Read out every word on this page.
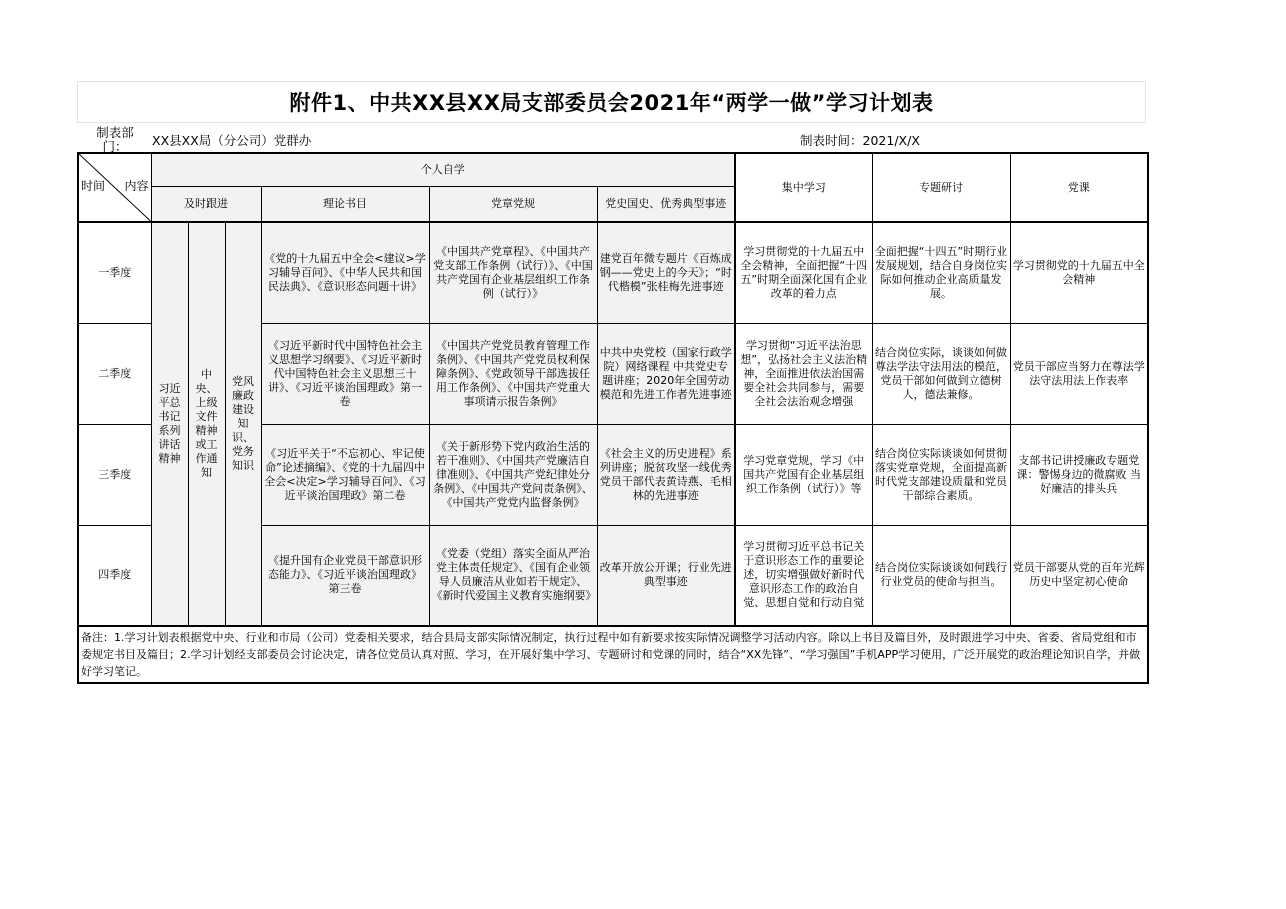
附件1、中共XX县XX局支部委员会2021年“两学一做”学习计划表
制表部门：	XX县XX局（分公司）党群办	制表时间：2021/X/X
时间 内容	个人自学						集中学习	专题研讨	党课
	及时跟进			理论书目	党章党规	党史国史、优秀典型事迹			
一季度	习近平总书记系列讲话精神	中央、上级文件精神或工作通知	党风廉政建设知识、党务知识	《党的十九届五中全会<建议>学习辅导百问》、《中华人民共和国民法典》、《意识形态问题十讲》	《中国共产党章程》、《中国共产党支部工作条例（试行）》、《中国共产党国有企业基层组织工作条例（试行）》	建党百年微专题片《百炼成钢——党史上的今天》；“时代楷模”张桂梅先进事迹	学习贯彻党的十九届五中全会精神，全面把握“十四五”时期全面深化国有企业改革的着力点	全面把握“十四五”时期行业发展规划，结合自身岗位实际如何推动企业高质量发展。	学习贯彻党的十九届五中全会精神
二季度				《习近平新时代中国特色社会主义思想学习纲要》、《习近平新时代中国特色社会主义思想三十讲》、《习近平谈治国理政》第一卷	《中国共产党党员教育管理工作条例》、《中国共产党党员权利保障条例》、《党政领导干部选拔任用工作条例》、《中国共产党重大事项请示报告条例》	中共中央党校（国家行政学院）网络课程 中共党史专题讲座；2020年全国劳动模范和先进工作者先进事迹	学习贯彻“习近平法治思想”，弘扬社会主义法治精神，全面推进依法治国需要全社会共同参与，需要全社会法治观念增强	结合岗位实际，谈谈如何做尊法学法守法用法的模范，党员干部如何做到立德树人，德法兼修。	党员干部应当努力在尊法学法守法用法上作表率
三季度				《习近平关于“不忘初心、牢记使命”论述摘编》、《党的十九届四中全会<决定>学习辅导百问》、《习近平谈治国理政》第二卷	《关于新形势下党内政治生活的若干准则》、《中国共产党廉洁自律准则》、《中国共产党纪律处分条例》、《中国共产党问责条例》、《中国共产党党内监督条例》	《社会主义的历史进程》系列讲座；脱贫攻坚一线优秀党员干部代表黄诗燕、毛相林的先进事迹	学习党章党规，学习《中国共产党国有企业基层组织工作条例（试行）》等	结合岗位实际谈谈如何贯彻落实党章党规，全面提高新时代党支部建设质量和党员干部综合素质。	支部书记讲授廉政专题党课：警惕身边的微腐败 当好廉洁的排头兵
四季度				《提升国有企业党员干部意识形态能力》、《习近平谈治国理政》第三卷	《党委（党组）落实全面从严治党主体责任规定》、《国有企业领导人员廉洁从业如若干规定》、《新时代爱国主义教育实施纲要》	改革开放公开课；行业先进典型事迹	学习贯彻习近平总书记关于意识形态工作的重要论述，切实增强做好新时代意识形态工作的政治自觉、思想自觉和行动自觉	结合岗位实际谈谈如何践行行业党员的使命与担当。	党员干部要从党的百年光辉历史中坚定初心使命
备注：1.学习计划表根据党中央、行业和市局（公司）党委相关要求，结合县局支部实际情况制定，执行过程中如有新要求按实际情况调整学习活动内容。除以上书目及篇目外，及时跟进学习中央、省委、省局党组和市委规定书目及篇目；2.学习计划经支部委员会讨论决定，请各位党员认真对照、学习，在开展好集中学习、专题研讨和党课的同时，结合“XX先锋”、“学习强国”手机APP学习使用，广泛开展党的政治理论知识自学，并做好学习笔记。									
